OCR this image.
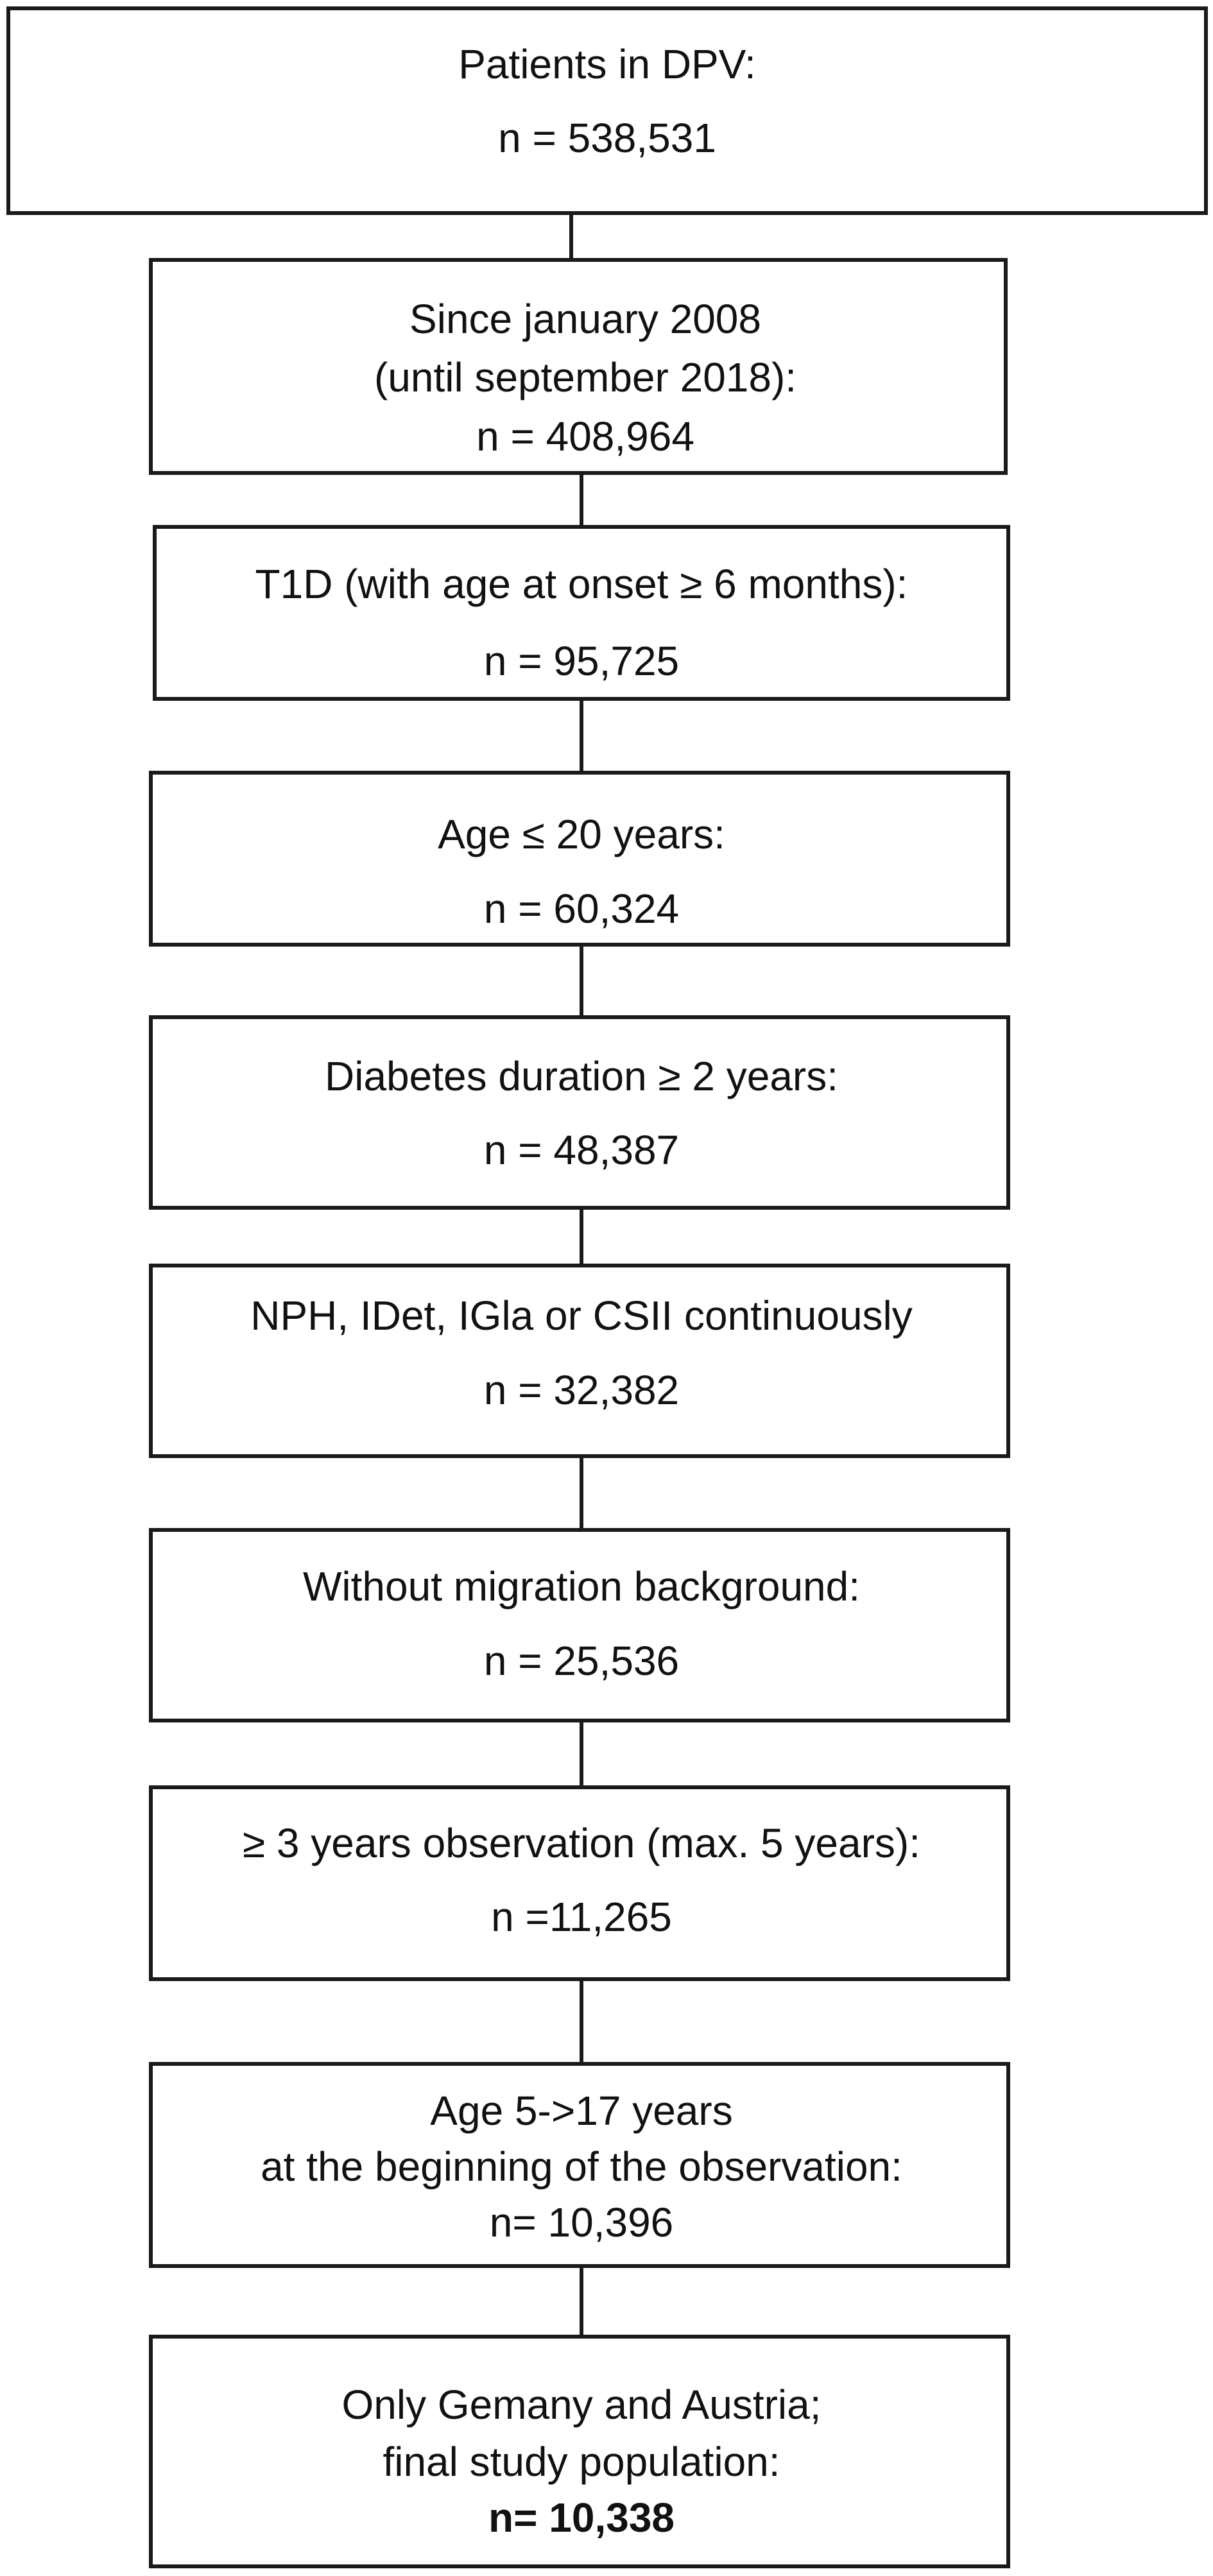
Patients in DPV:
n = 538,531
Since january 2008
(until september 2018):
n = 408,964
T1D (with age at onset ≥ 6 months):
n = 95,725
Age ≤ 20 years:
n = 60,324
Diabetes duration ≥ 2 years:
n = 48,387
NPH, IDet, IGla or CSII continuously
n = 32,382
Without migration background:
n = 25,536
≥ 3 years observation (max. 5 years):
n =11,265
Age 5->17 years
at the beginning of the observation:
n= 10,396
Only Gemany and Austria;
final study population:
n= 10,338
